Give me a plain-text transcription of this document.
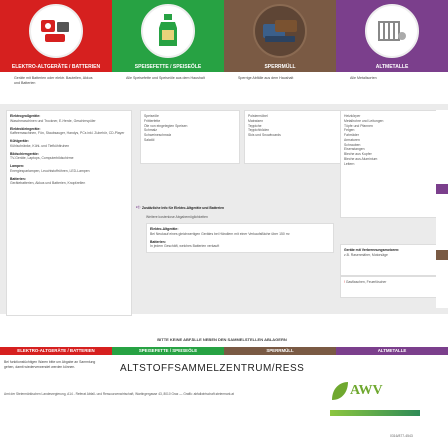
ELEKTRO-ALTGERÄTE / BATTERIEN	SPEISEFETTE / SPEISEÖLE	SPERRMÜLL	ALTMETALLE
Geräte mit Batterien oder elektr. Bauteilen, Akkus und Batterien
Alle Speisefette und Speiseöle aus dem Haushalt	Sperrige Abfälle aus dem Haushalt	Alle Metallsorten
Elektrogroßgeräte:
Waschmaschinen und Trockner, E-Herde, Geschirrspüler
Elektrokleingeräte:
Kaffeemaschinen, Fön, Staubsauger, Handys, PCs inkl. Zubehör, CD-Player
Kühlgeräte:
Kühlschränke, Kühl- und Tiefkühltruhen
Bildschirmgeräte:
TV-Geräte, Laptops, Computerbildschirme
Lampen:
Energiesparlampen, Leuchtstoffröhren, LED-Lampen
Batterien:
Gerätebatterien, Akkus und Batterien, Knopfzellen
Speiseöle
Frittierfette
Öle von eingelegten Speisen
Schmalz
Schweineschmalz
Salatöl
Polstermöbel
Matratzen
Teppiche
Teppichböden
Skis und Snowboards
➪ Zusätzliche Info für Elektro-Altgeräte und Batterien
Weitere kostenlose Abgabemöglichkeiten
Elektro-Altgeräte:
Bei Neukauf eines gleichwertigen Gerätes bei Händlern mit einer Verkaufsfläche über 150 m²
Batterien:
In jedem Geschäft, welches Batterien verkauft
Heizkörper
Metallrohre und Leitungen
Töpfe und Pfannen
Felgen
Fahrräder
Armaturen
Schrauben
Eisenstangen
Bleche aus Kupfer
Bleche aus Aluminium
Leitern
Geräte mit Verbrennungsmotoren:
z.B. Rasenmäher, Motorsäge
! Gasflaschen, Feuerlöscher
BITTE KEINE ABFÄLLE NEBEN DEN SAMMELSTELLEN ABLAGERN
ELEKTRO-ALTGERÄTE / BATTERIEN	SPEISEFETTE / SPEISEÖLE	SPERRMÜLL	ALTMETALLE
Bei funktionstüchtigen Waren bitte um Abgabe an Sammlung gehen, damit wiederverwendet werden können.	ALTSTOFFSAMMELZENTRUM/RESS
AWV
Amt der Steiermärkischen Landesregierung, A14 - Referat Abfall- und Ressourcenwirtschaft, Wartingergasse 43, 8010 Graz — Grafik: abfallwirtschaft.steiermark.at
0316/877-4543
